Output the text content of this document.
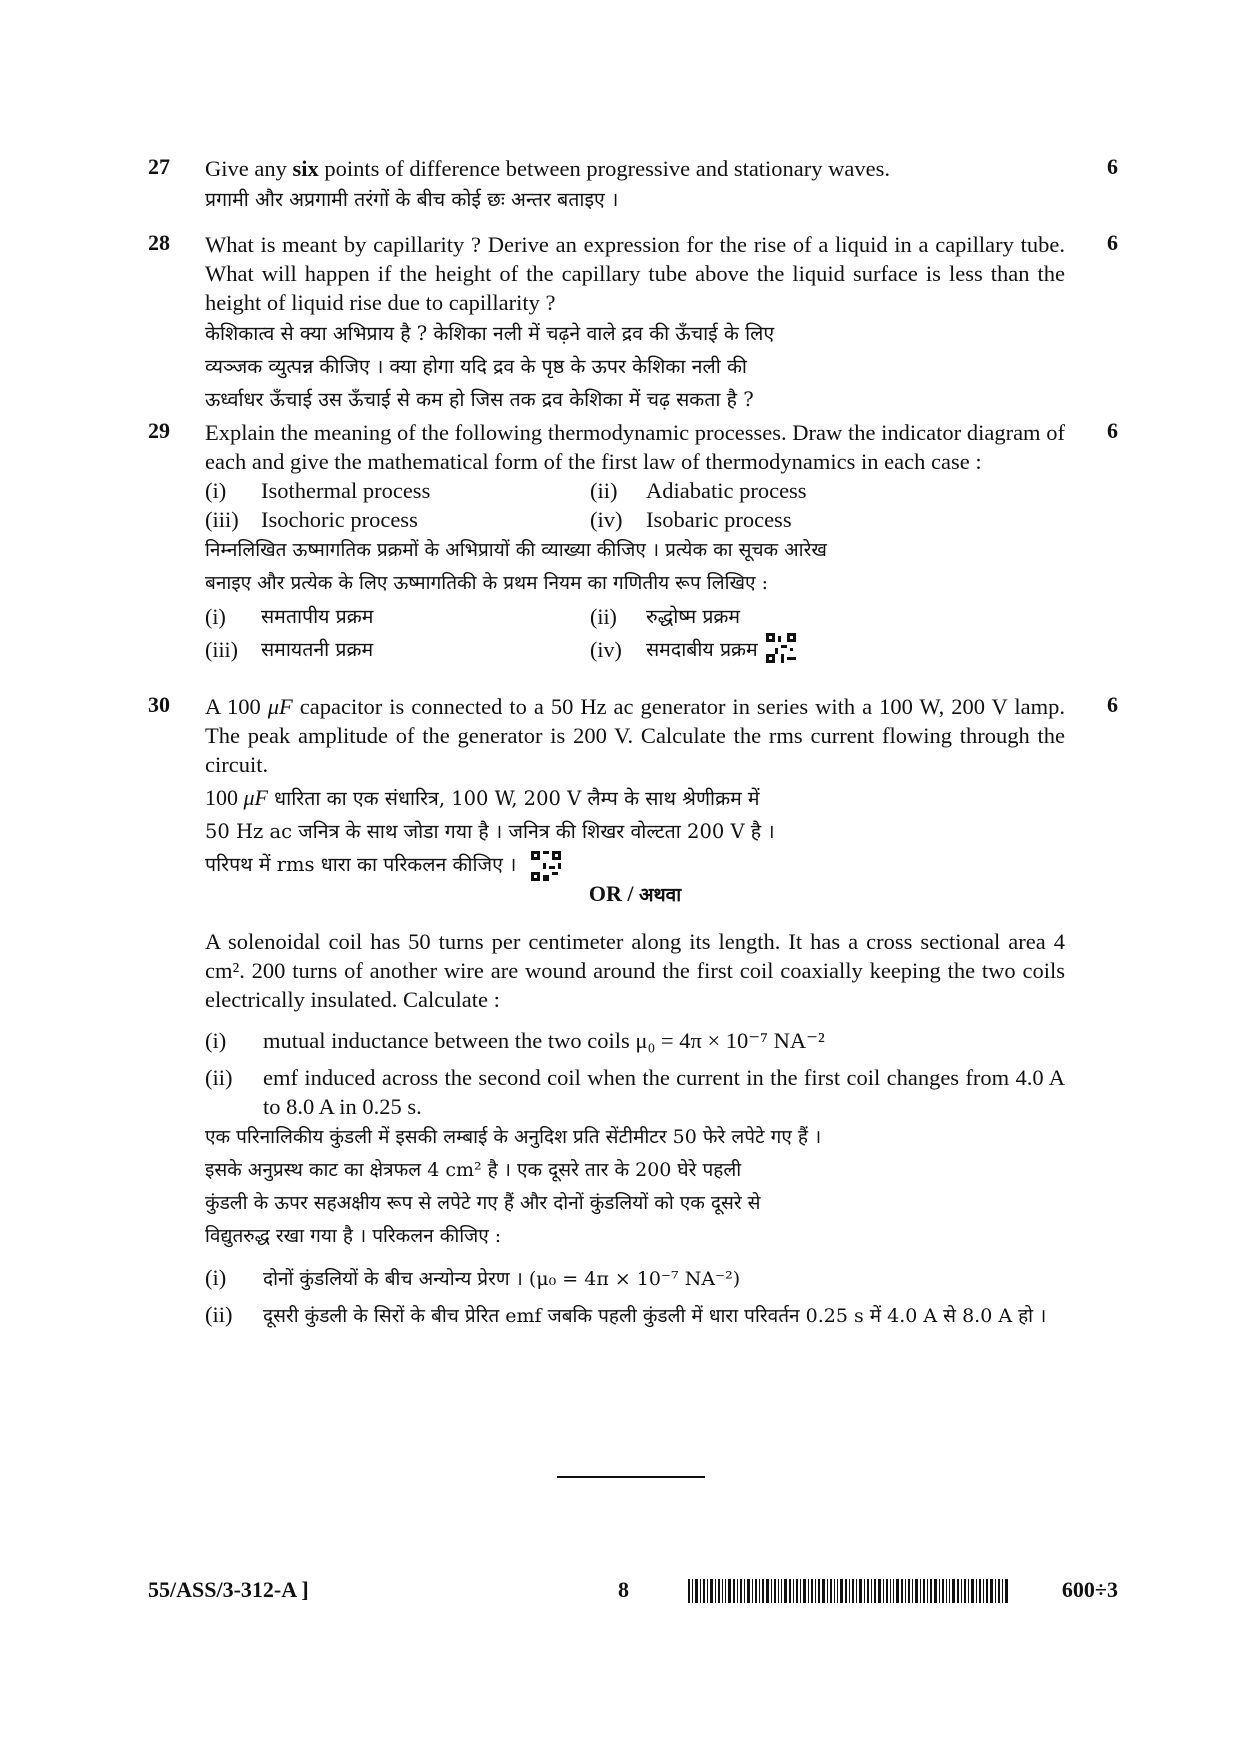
27	Give any six points of difference between progressive and stationary waves.

प्रगामी और अप्रगामी तरंगों के बीच कोई छः अन्तर बताइए ।

6
28	What is meant by capillarity ? Derive an expression for the rise of a liquid in a capillary tube. What will happen if the height of the capillary tube above the liquid surface is less than the height of liquid rise due to capillarity ?

केशिकात्व से क्या अभिप्राय है ? केशिका नली में चढ़ने वाले द्रव की ऊँचाई के लिए

व्यञ्जक व्युत्पन्न कीजिए । क्या होगा यदि द्रव के पृष्ठ के ऊपर केशिका नली की

ऊर्ध्वाधर ऊँचाई उस ऊँचाई से कम हो जिस तक द्रव केशिका में चढ़ सकता है ?

6
29	Explain the meaning of the following thermodynamic processes. Draw the indicator diagram of each and give the mathematical form of the first law of thermodynamics in each case :

(i)	Isothermal process	(ii)	Adiabatic process
(iii) Isochoric process	(iv)	Isobaric process

निम्नलिखित ऊष्मागतिक प्रक्रमों के अभिप्रायों की व्याख्या कीजिए । प्रत्येक का सूचक आरेख

बनाइए और प्रत्येक के लिए ऊष्मागतिकी के प्रथम नियम का गणितीय रूप लिखिए :

(i)	समतापीय प्रक्रम	(ii)	रुद्धोष्म प्रक्रम
(iii)	समायतनी प्रक्रम	(iv)	समदाबीय प्रक्रम
6
30	A 100 μF capacitor is connected to a 50 Hz ac generator in series with a 100 W, 200 V lamp. The peak amplitude of the generator is 200 V. Calculate the rms current flowing through the circuit.

100 μF धारिता का एक संधारित्र, 100 W, 200 V लैम्प के साथ श्रेणीक्रम में

50 Hz ac जनित्र के साथ जोडा गया है । जनित्र की शिखर वोल्टता 200 V है ।

परिपथ में rms धारा का परिकलन कीजिए ।

OR / अथवा

A solenoidal coil has 50 turns per centimeter along its length. It has a cross sectional area 4 cm². 200 turns of another wire are wound around the first coil coaxially keeping the two coils electrically insulated. Calculate :

(i)	mutual inductance between the two coils μ₀ = 4π × 10⁻⁷ NA⁻²
(ii)	emf induced across the second coil when the current in the first coil changes from 4.0 A to 8.0 A in 0.25 s.

एक परिनालिकीय कुंडली में इसकी लम्बाई के अनुदिश प्रति सेंटीमीटर 50 फेरे लपेटे गए हैं ।

इसके अनुप्रस्थ काट का क्षेत्रफल 4 cm² है । एक दूसरे तार के 200 घेरे पहली

कुंडली के ऊपर सहअक्षीय रूप से लपेटे गए हैं और दोनों कुंडलियों को एक दूसरे से

विद्युतरुद्ध रखा गया है । परिकलन कीजिए :

(i)	दोनों कुंडलियों के बीच अन्योन्य प्रेरण । (μ₀ = 4π × 10⁻⁷ NA⁻²)
(ii)	दूसरी कुंडली के सिरों के बीच प्रेरित emf जबकि पहली कुंडली में धारा परिवर्तन 0.25 s में 4.0 A से 8.0 A हो ।
6
55/ASS/3-312-A ]	8	600÷3
